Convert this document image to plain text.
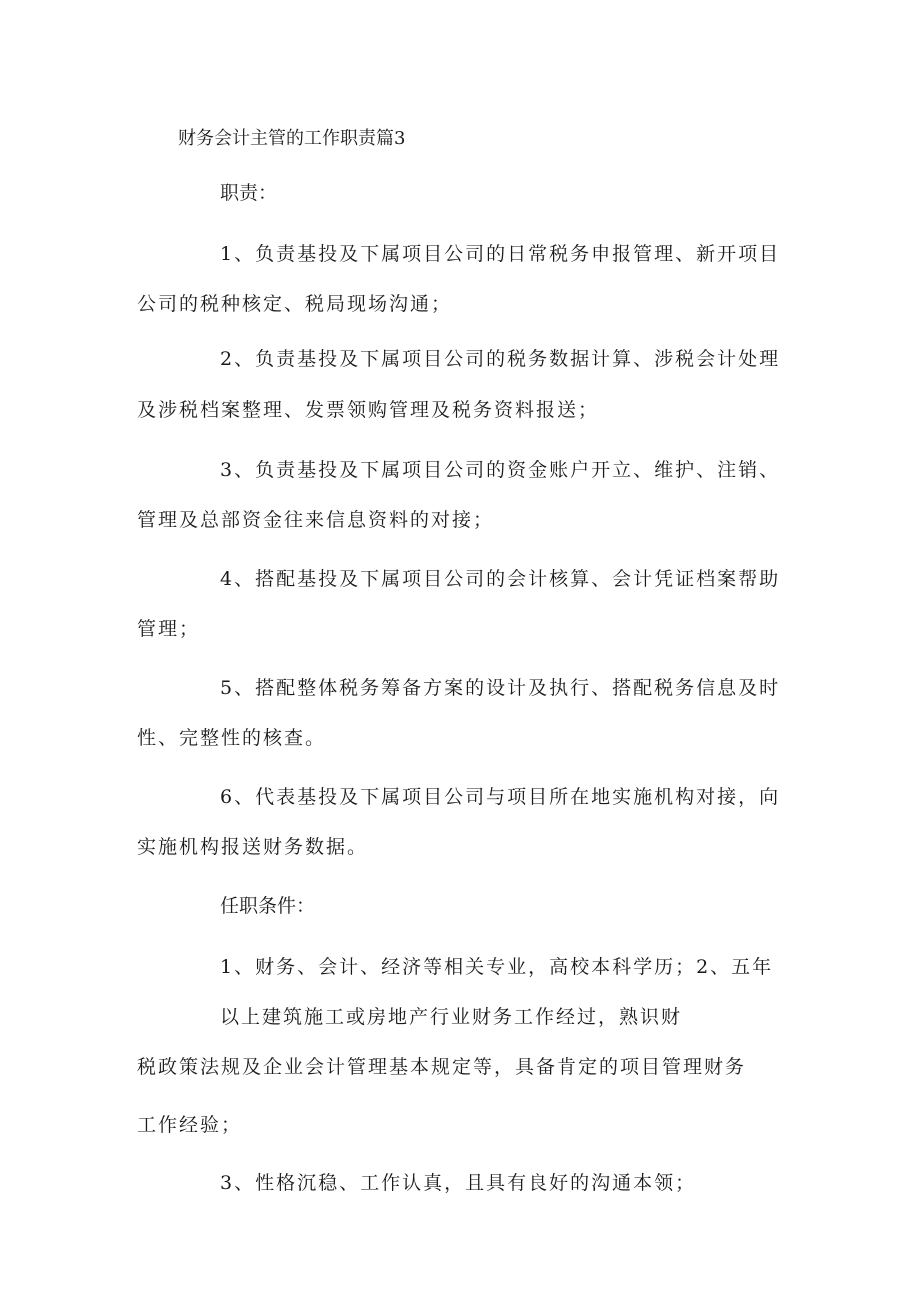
财务会计主管的工作职责篇3

职责：

1、负责基投及下属项目公司的日常税务申报管理、新开项目

公司的税种核定、税局现场沟通；

2、负责基投及下属项目公司的税务数据计算、涉税会计处理

及涉税档案整理、发票领购管理及税务资料报送；

3、负责基投及下属项目公司的资金账户开立、维护、注销、

管理及总部资金往来信息资料的对接；

4、搭配基投及下属项目公司的会计核算、会计凭证档案帮助

管理；

5、搭配整体税务筹备方案的设计及执行、搭配税务信息及时

性、完整性的核查。

6、代表基投及下属项目公司与项目所在地实施机构对接，向

实施机构报送财务数据。

任职条件：

1、财务、会计、经济等相关专业，高校本科学历；2、五年

以上建筑施工或房地产行业财务工作经过，熟识财

税政策法规及企业会计管理基本规定等，具备肯定的项目管理财务

工作经验；

3、性格沉稳、工作认真，且具有良好的沟通本领；
